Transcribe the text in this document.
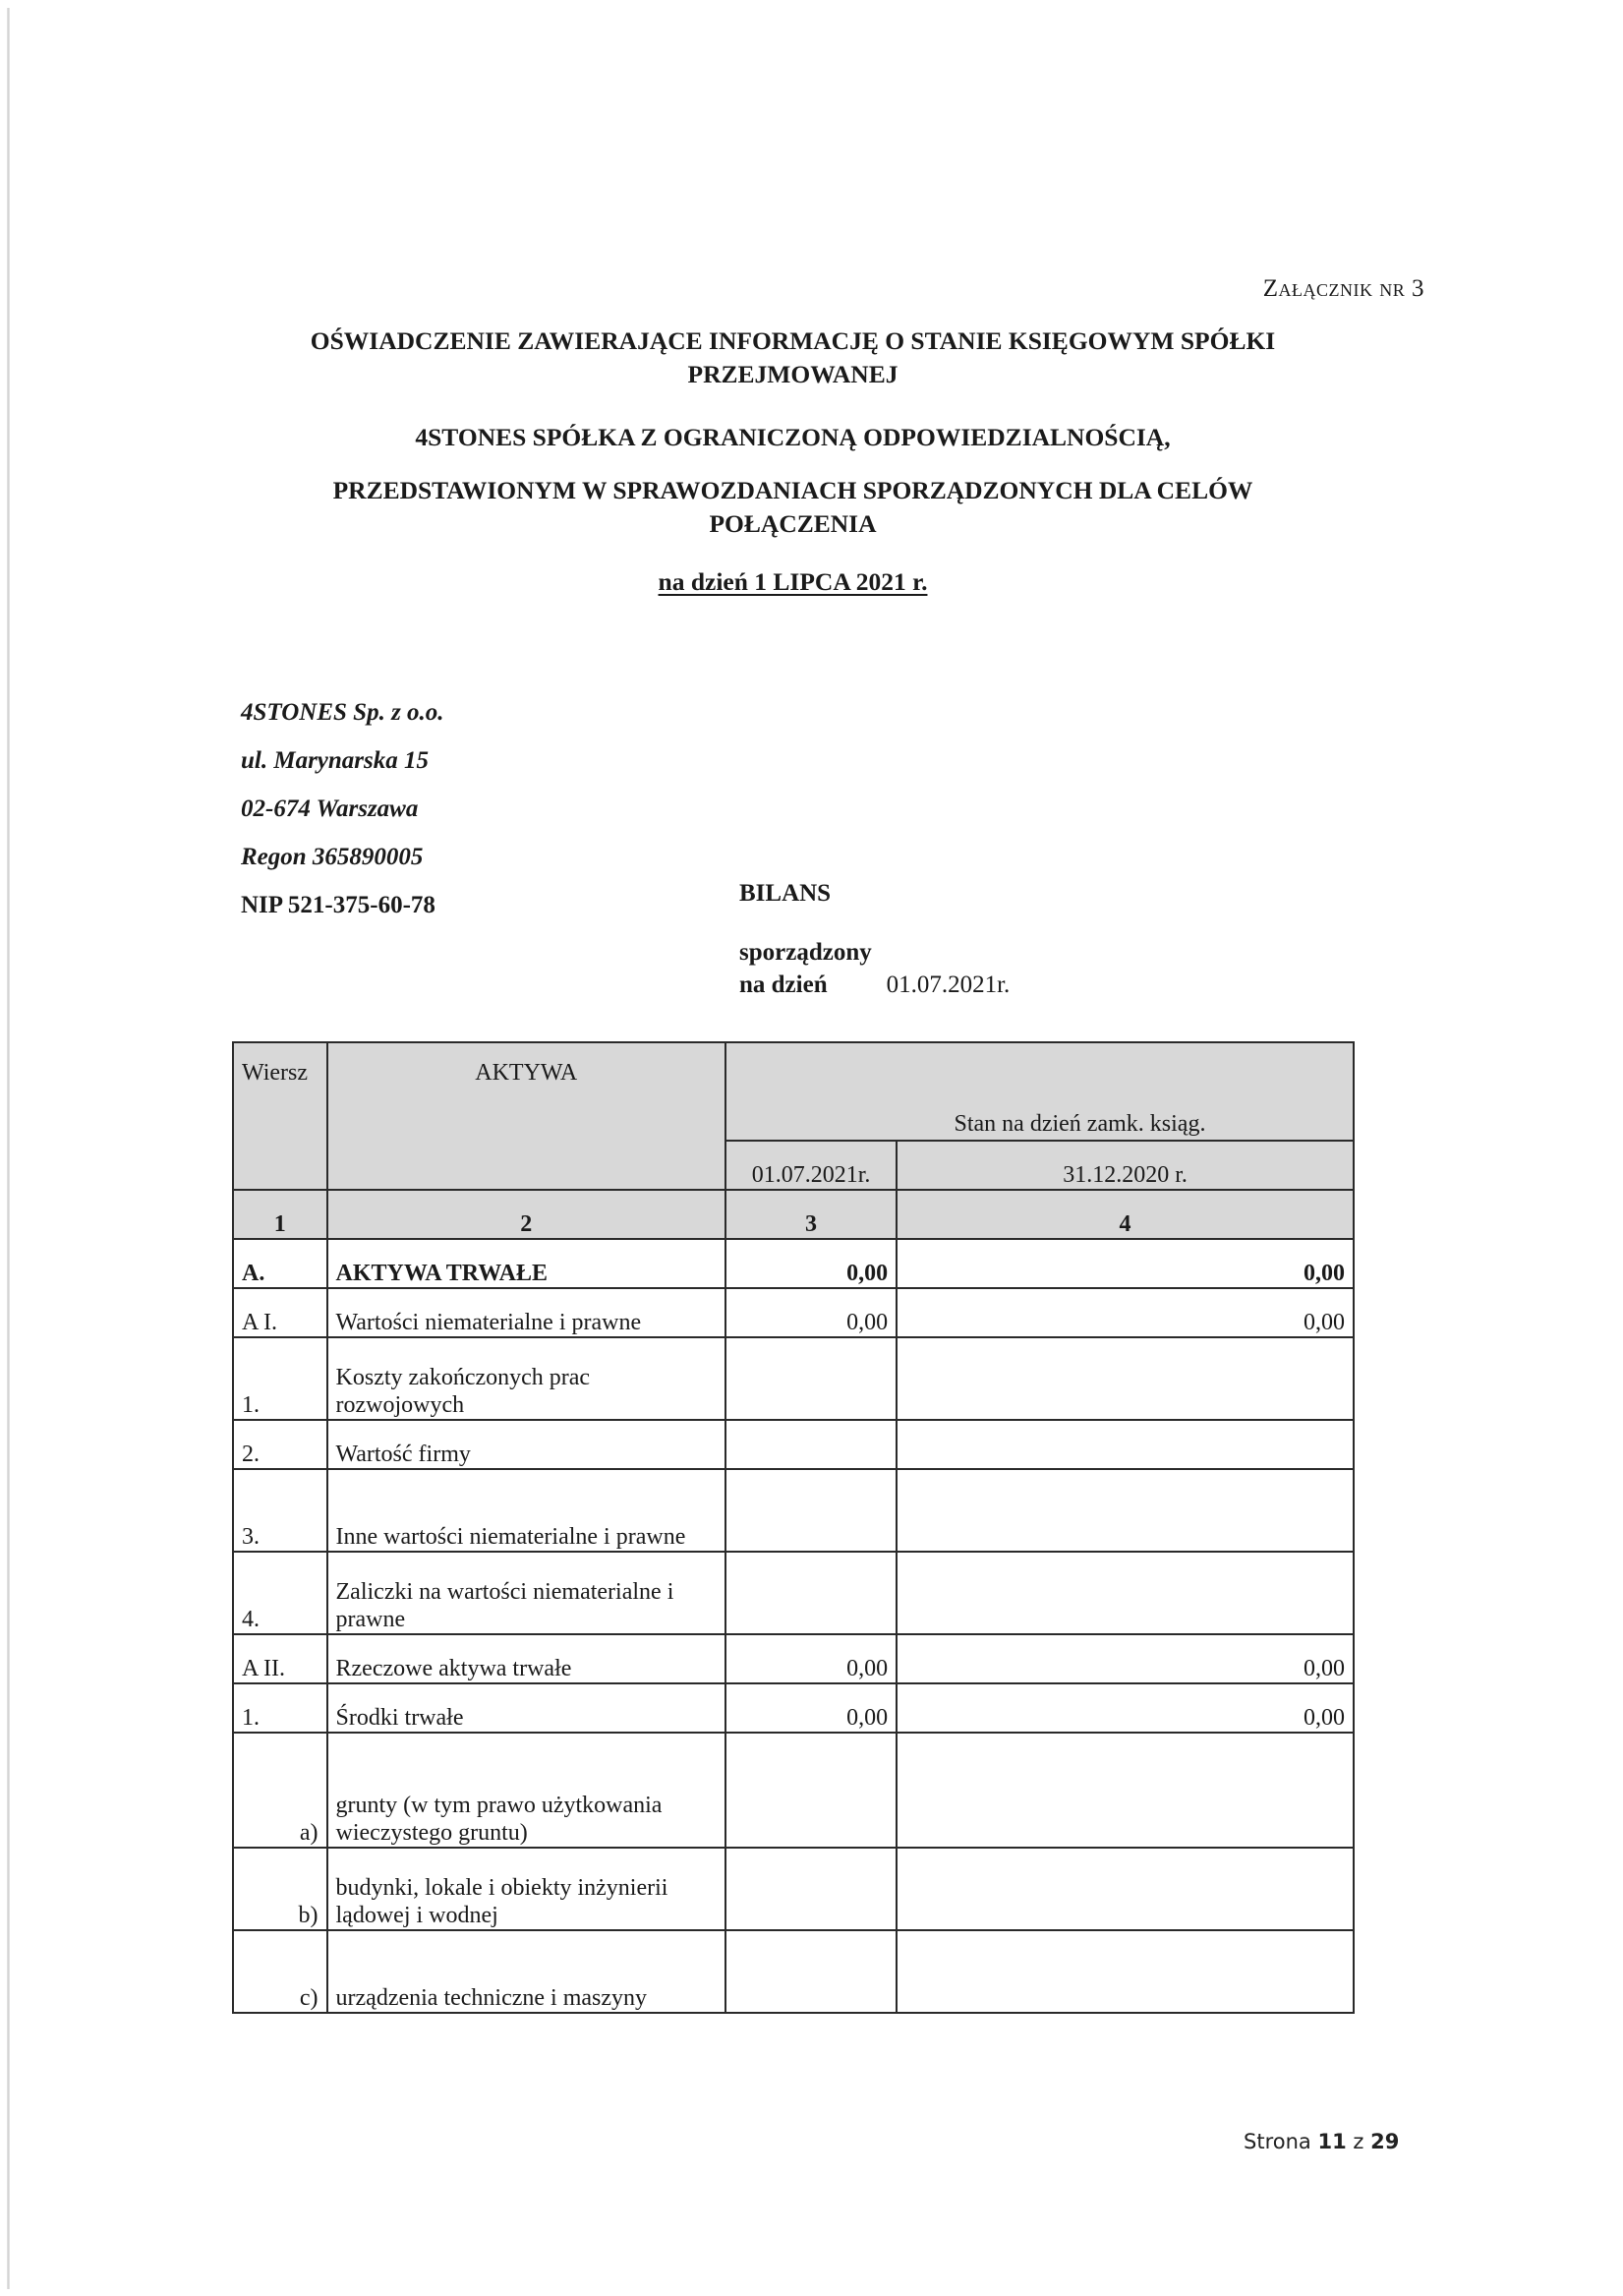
Załącznik nr 3
OŚWIADCZENIE ZAWIERAJĄCE INFORMACJĘ O STANIE KSIĘGOWYM SPÓŁKI
PRZEJMOWANEJ
4STONES SPÓŁKA Z OGRANICZONĄ ODPOWIEDZIALNOŚCIĄ,
PRZEDSTAWIONYM W SPRAWOZDANIACH SPORZĄDZONYCH DLA CELÓW
POŁĄCZENIA
na dzień 1 LIPCA 2021 r.
4STONES Sp. z o.o.
ul. Marynarska 15
02-674 Warszawa
Regon 365890005
NIP 521-375-60-78	BILANS
sporządzony
na dzień 01.07.2021r.
Wiersz	AKTYWA	Stan na dzień zamk. ksiąg.	
		01.07.2021r.	31.12.2020 r.
1	2	3	4
A.	AKTYWA TRWAŁE	0,00	0,00
A I.	Wartości niematerialne i prawne	0,00	0,00
1.	Koszty zakończonych prac rozwojowych		
2.	Wartość firmy		
3.	Inne wartości niematerialne i prawne		
4.	Zaliczki na wartości niematerialne i prawne		
A II.	Rzeczowe aktywa trwałe	0,00	0,00
1.	Środki trwałe	0,00	0,00
a)	grunty (w tym prawo użytkowania wieczystego gruntu)		
b)	budynki, lokale i obiekty inżynierii lądowej i wodnej		
c)	urządzenia techniczne i maszyny		
Strona 11 z 29
